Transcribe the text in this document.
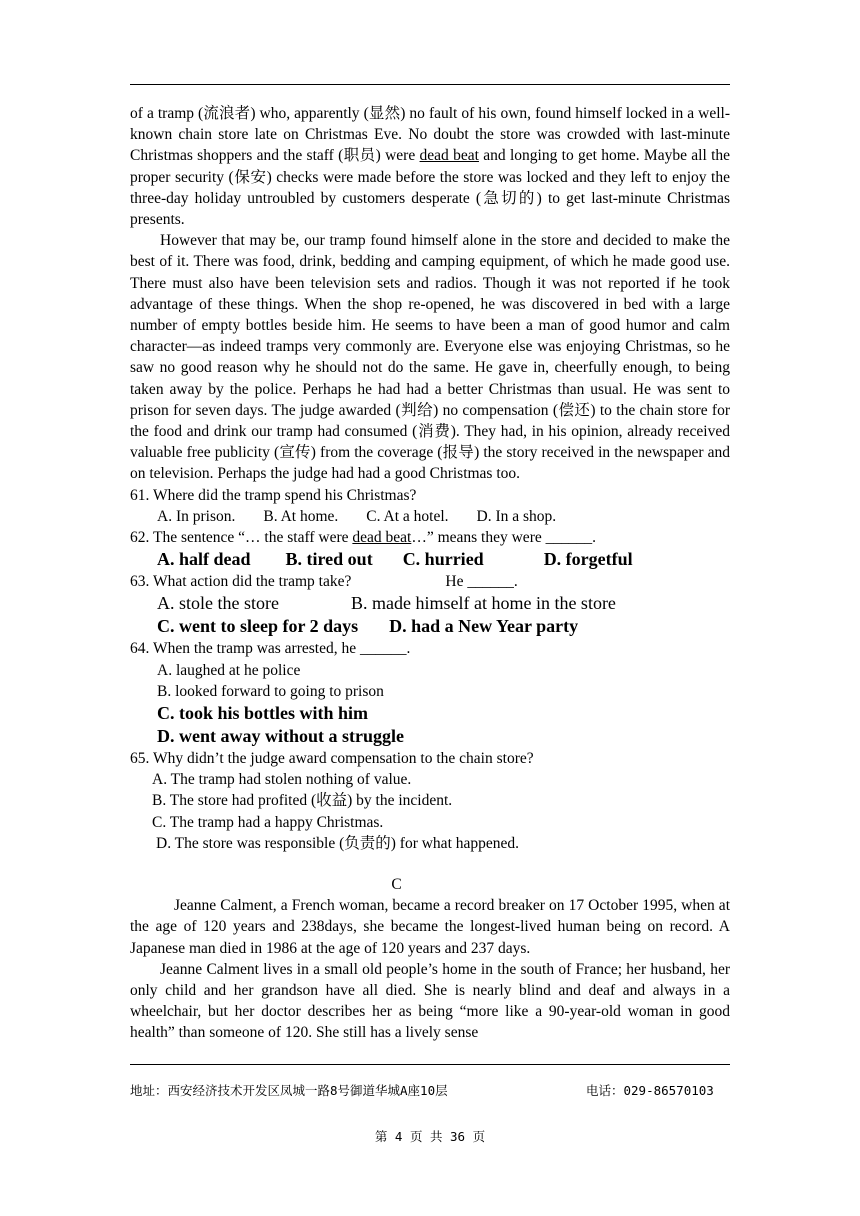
of a tramp (流浪者) who, apparently (显然) no fault of his own, found himself locked in a well-known chain store late on Christmas Eve. No doubt the store was crowded with last-minute Christmas shoppers and the staff (职员) were dead beat and longing to get home. Maybe all the proper security (保安) checks were made before the store was locked and they left to enjoy the three-day holiday untroubled by customers desperate (急切的) to get last-minute Christmas presents.

However that may be, our tramp found himself alone in the store and decided to make the best of it. There was food, drink, bedding and camping equipment, of which he made good use. There must also have been television sets and radios. Though it was not reported if he took advantage of these things. When the shop re-opened, he was discovered in bed with a large number of empty bottles beside him. He seems to have been a man of good humor and calm character—as indeed tramps very commonly are. Everyone else was enjoying Christmas, so he saw no good reason why he should not do the same. He gave in, cheerfully enough, to being taken away by the police. Perhaps he had had a better Christmas than usual. He was sent to prison for seven days. The judge awarded (判给) no compensation (偿还) to the chain store for the food and drink our tramp had consumed (消费). They had, in his opinion, already received valuable free publicity (宣传) from the coverage (报导) the story received in the newspaper and on television. Perhaps the judge had had a good Christmas too.

61. Where did the tramp spend his Christmas?

A. In prison. B. At home. C. At a hotel. D. In a shop.

62. The sentence “… the staff were dead beat…” means they were ______.

A. half dead B. tired out C. hurried	D. forgetful

63. What action did the tramp take?	He ______.

A. stole the store	B. made himself at home in the store

C. went to sleep for 2 days D. had a New Year party

64. When the tramp was arrested, he ______.

A. laughed at he police

B. looked forward to going to prison

C. took his bottles with him

D. went away without a struggle

65. Why didn’t the judge award compensation to the chain store?

A. The tramp had stolen nothing of value.

B. The store had profited (收益) by the incident.

C. The tramp had a happy Christmas.

D. The store was responsible (负责的) for what happened.

C

Jeanne Calment, a French woman, became a record breaker on 17 October 1995, when at the age of 120 years and 238days, she became the longest-lived human being on record. A Japanese man died in 1986 at the age of 120 years and 237 days.

Jeanne Calment lives in a small old people’s home in the south of France; her husband, her only child and her grandson have all died. She is nearly blind and deaf and always in a wheelchair, but her doctor describes her as being “more like a 90-year-old woman in good health” than someone of 120. She still has a lively sense

地址：西安经济技术开发区凤城一路8号御道华城A座10层	电话：029-86570103
第 4 页 共 36 页
